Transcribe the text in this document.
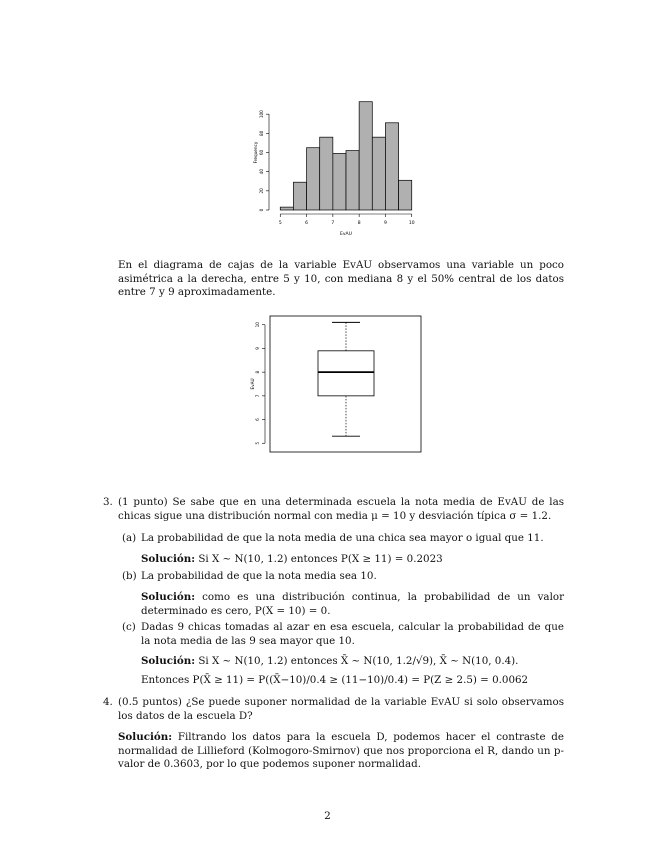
5	6	7	8	9	10
EvAU
0
20
40
60
80
100
Frequency
En el diagrama de cajas de la variable EvAU observamos una variable un poco asimétrica a la derecha, entre 5 y 10, con mediana 8 y el 50% central de los datos entre 7 y 9 aproximadamente.
5
6
7
8
9
10
EvAU
3. (1 punto) Se sabe que en una determinada escuela la nota media de EvAU de las chicas sigue una distribución normal con media μ = 10 y desviación típica σ = 1.2.
(a) La probabilidad de que la nota media de una chica sea mayor o igual que 11.
Solución: Si X ∼ N(10, 1.2) entonces P(X ≥ 11) = 0.2023
(b) La probabilidad de que la nota media sea 10.
Solución: como es una distribución continua, la probabilidad de un valor determinado es cero, P(X = 10) = 0.
(c) Dadas 9 chicas tomadas al azar en esa escuela, calcular la probabilidad de que la nota media de las 9 sea mayor que 10.
Solución: Si X ∼ N(10, 1.2) entonces X̄ ∼ N(10, 1.2/√9), X̄ ∼ N(10, 0.4).
Entonces P(X̄ ≥ 11) = P((X̄−10)/0.4 ≥ (11−10)/0.4) = P(Z ≥ 2.5) = 0.0062
4. (0.5 puntos) ¿Se puede suponer normalidad de la variable EvAU si solo observamos los datos de la escuela D?
Solución: Filtrando los datos para la escuela D, podemos hacer el contraste de normalidad de Lillieford (Kolmogoro-Smirnov) que nos proporciona el R, dando un p-valor de 0.3603, por lo que podemos suponer normalidad.
2
